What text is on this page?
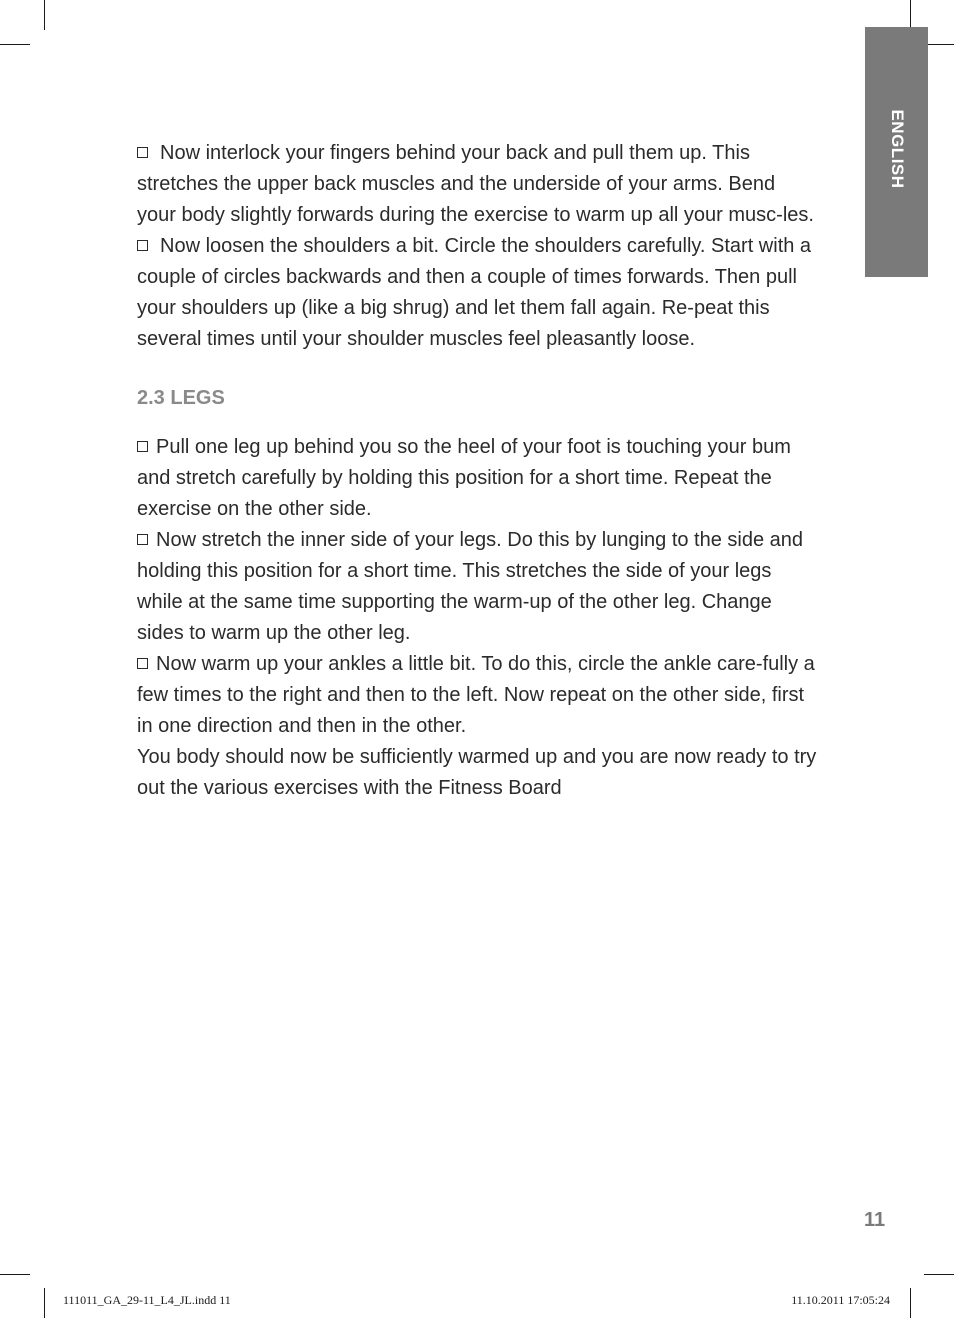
ENGLISH

Now interlock your fingers behind your back and pull them up. This stretches the upper back muscles and the underside of your arms. Bend your body slightly forwards during the exercise to warm up all your musc-les.

Now loosen the shoulders a bit. Circle the shoulders carefully. Start with a couple of circles backwards and then a couple of times forwards. Then pull your shoulders up (like a big shrug) and let them fall again. Re-peat this several times until your shoulder muscles feel pleasantly loose.

2.3 LEGS

Pull one leg up behind you so the heel of your foot is touching your bum and stretch carefully by holding this position for a short time. Repeat the exercise on the other side.

Now stretch the inner side of your legs. Do this by lunging to the side and holding this position for a short time. This stretches the side of your legs while at the same time supporting the warm-up of the other leg. Change sides to warm up the other leg.

Now warm up your ankles a little bit. To do this, circle the ankle care-fully a few times to the right and then to the left. Now repeat on the other side, first in one direction and then in the other.

You body should now be sufficiently warmed up and you are now ready to try out the various exercises with the Fitness Board

11
111011_GA_29-11_L4_JL.indd 11	11.10.2011 17:05:24
